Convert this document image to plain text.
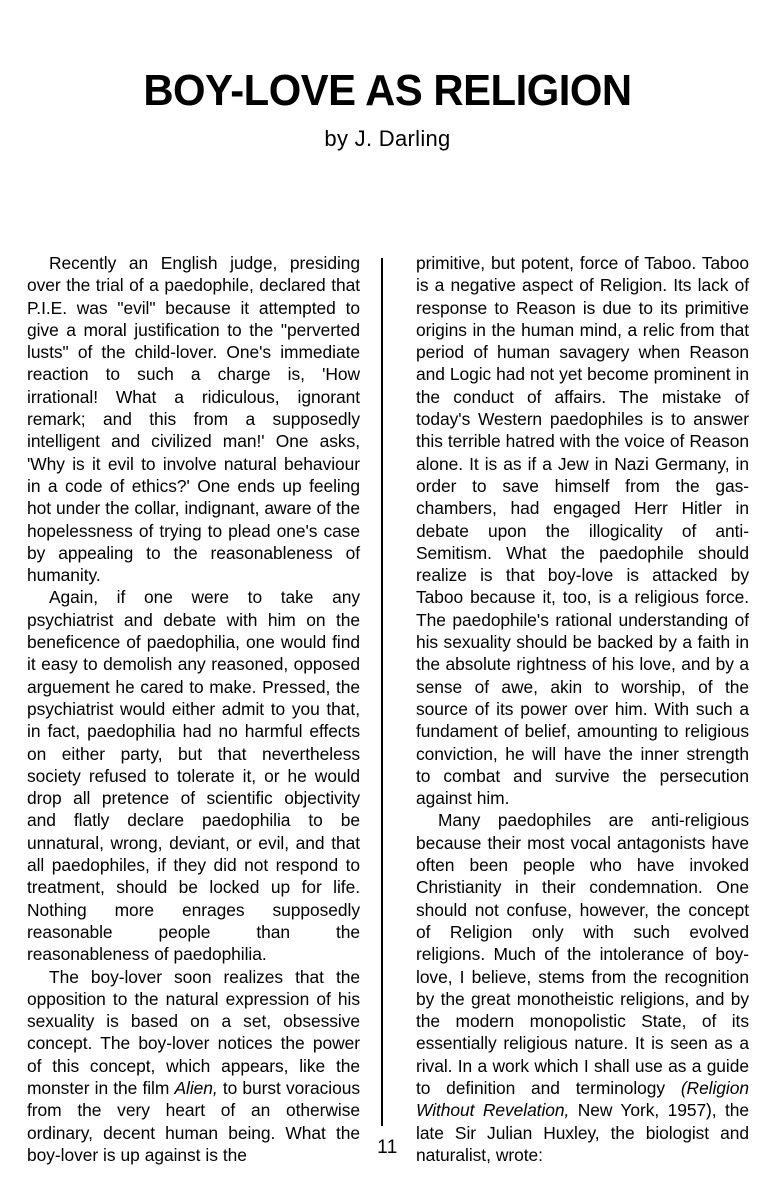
BOY-LOVE AS RELIGION
by J. Darling

Recently an English judge, presiding over the trial of a paedophile, declared that P.I.E. was "evil" because it attempted to give a moral justification to the "perverted lusts" of the child-lover. One's immediate reaction to such a charge is, 'How irrational! What a ridiculous, ignorant remark; and this from a supposedly intelligent and civilized man!' One asks, 'Why is it evil to involve natural behaviour in a code of ethics?' One ends up feeling hot under the collar, indignant, aware of the hopelessness of trying to plead one's case by appealing to the reasonableness of humanity.

Again, if one were to take any psychiatrist and debate with him on the beneficence of paedophilia, one would find it easy to demolish any reasoned, opposed arguement he cared to make. Pressed, the psychiatrist would either admit to you that, in fact, paedophilia had no harmful effects on either party, but that nevertheless society refused to tolerate it, or he would drop all pretence of scientific objectivity and flatly declare paedophilia to be unnatural, wrong, deviant, or evil, and that all paedophiles, if they did not respond to treatment, should be locked up for life. Nothing more enrages supposedly reasonable people than the reasonableness of paedophilia.

The boy-lover soon realizes that the opposition to the natural expression of his sexuality is based on a set, obsessive concept. The boy-lover notices the power of this concept, which appears, like the monster in the film Alien, to burst voracious from the very heart of an otherwise ordinary, decent human being. What the boy-lover is up against is the

primitive, but potent, force of Taboo. Taboo is a negative aspect of Religion. Its lack of response to Reason is due to its primitive origins in the human mind, a relic from that period of human savagery when Reason and Logic had not yet become prominent in the conduct of affairs. The mistake of today's Western paedophiles is to answer this terrible hatred with the voice of Reason alone. It is as if a Jew in Nazi Germany, in order to save himself from the gas-chambers, had engaged Herr Hitler in debate upon the illogicality of anti-Semitism. What the paedophile should realize is that boy-love is attacked by Taboo because it, too, is a religious force. The paedophile's rational understanding of his sexuality should be backed by a faith in the absolute rightness of his love, and by a sense of awe, akin to worship, of the source of its power over him. With such a fundament of belief, amounting to religious conviction, he will have the inner strength to combat and survive the persecution against him.

Many paedophiles are anti-religious because their most vocal antagonists have often been people who have invoked Christianity in their condemnation. One should not confuse, however, the concept of Religion only with such evolved religions. Much of the intolerance of boy-love, I believe, stems from the recognition by the great monotheistic religions, and by the modern monopolistic State, of its essentially religious nature. It is seen as a rival. In a work which I shall use as a guide to definition and terminology (Religion Without Revelation, New York, 1957), the late Sir Julian Huxley, the biologist and naturalist, wrote:

11
